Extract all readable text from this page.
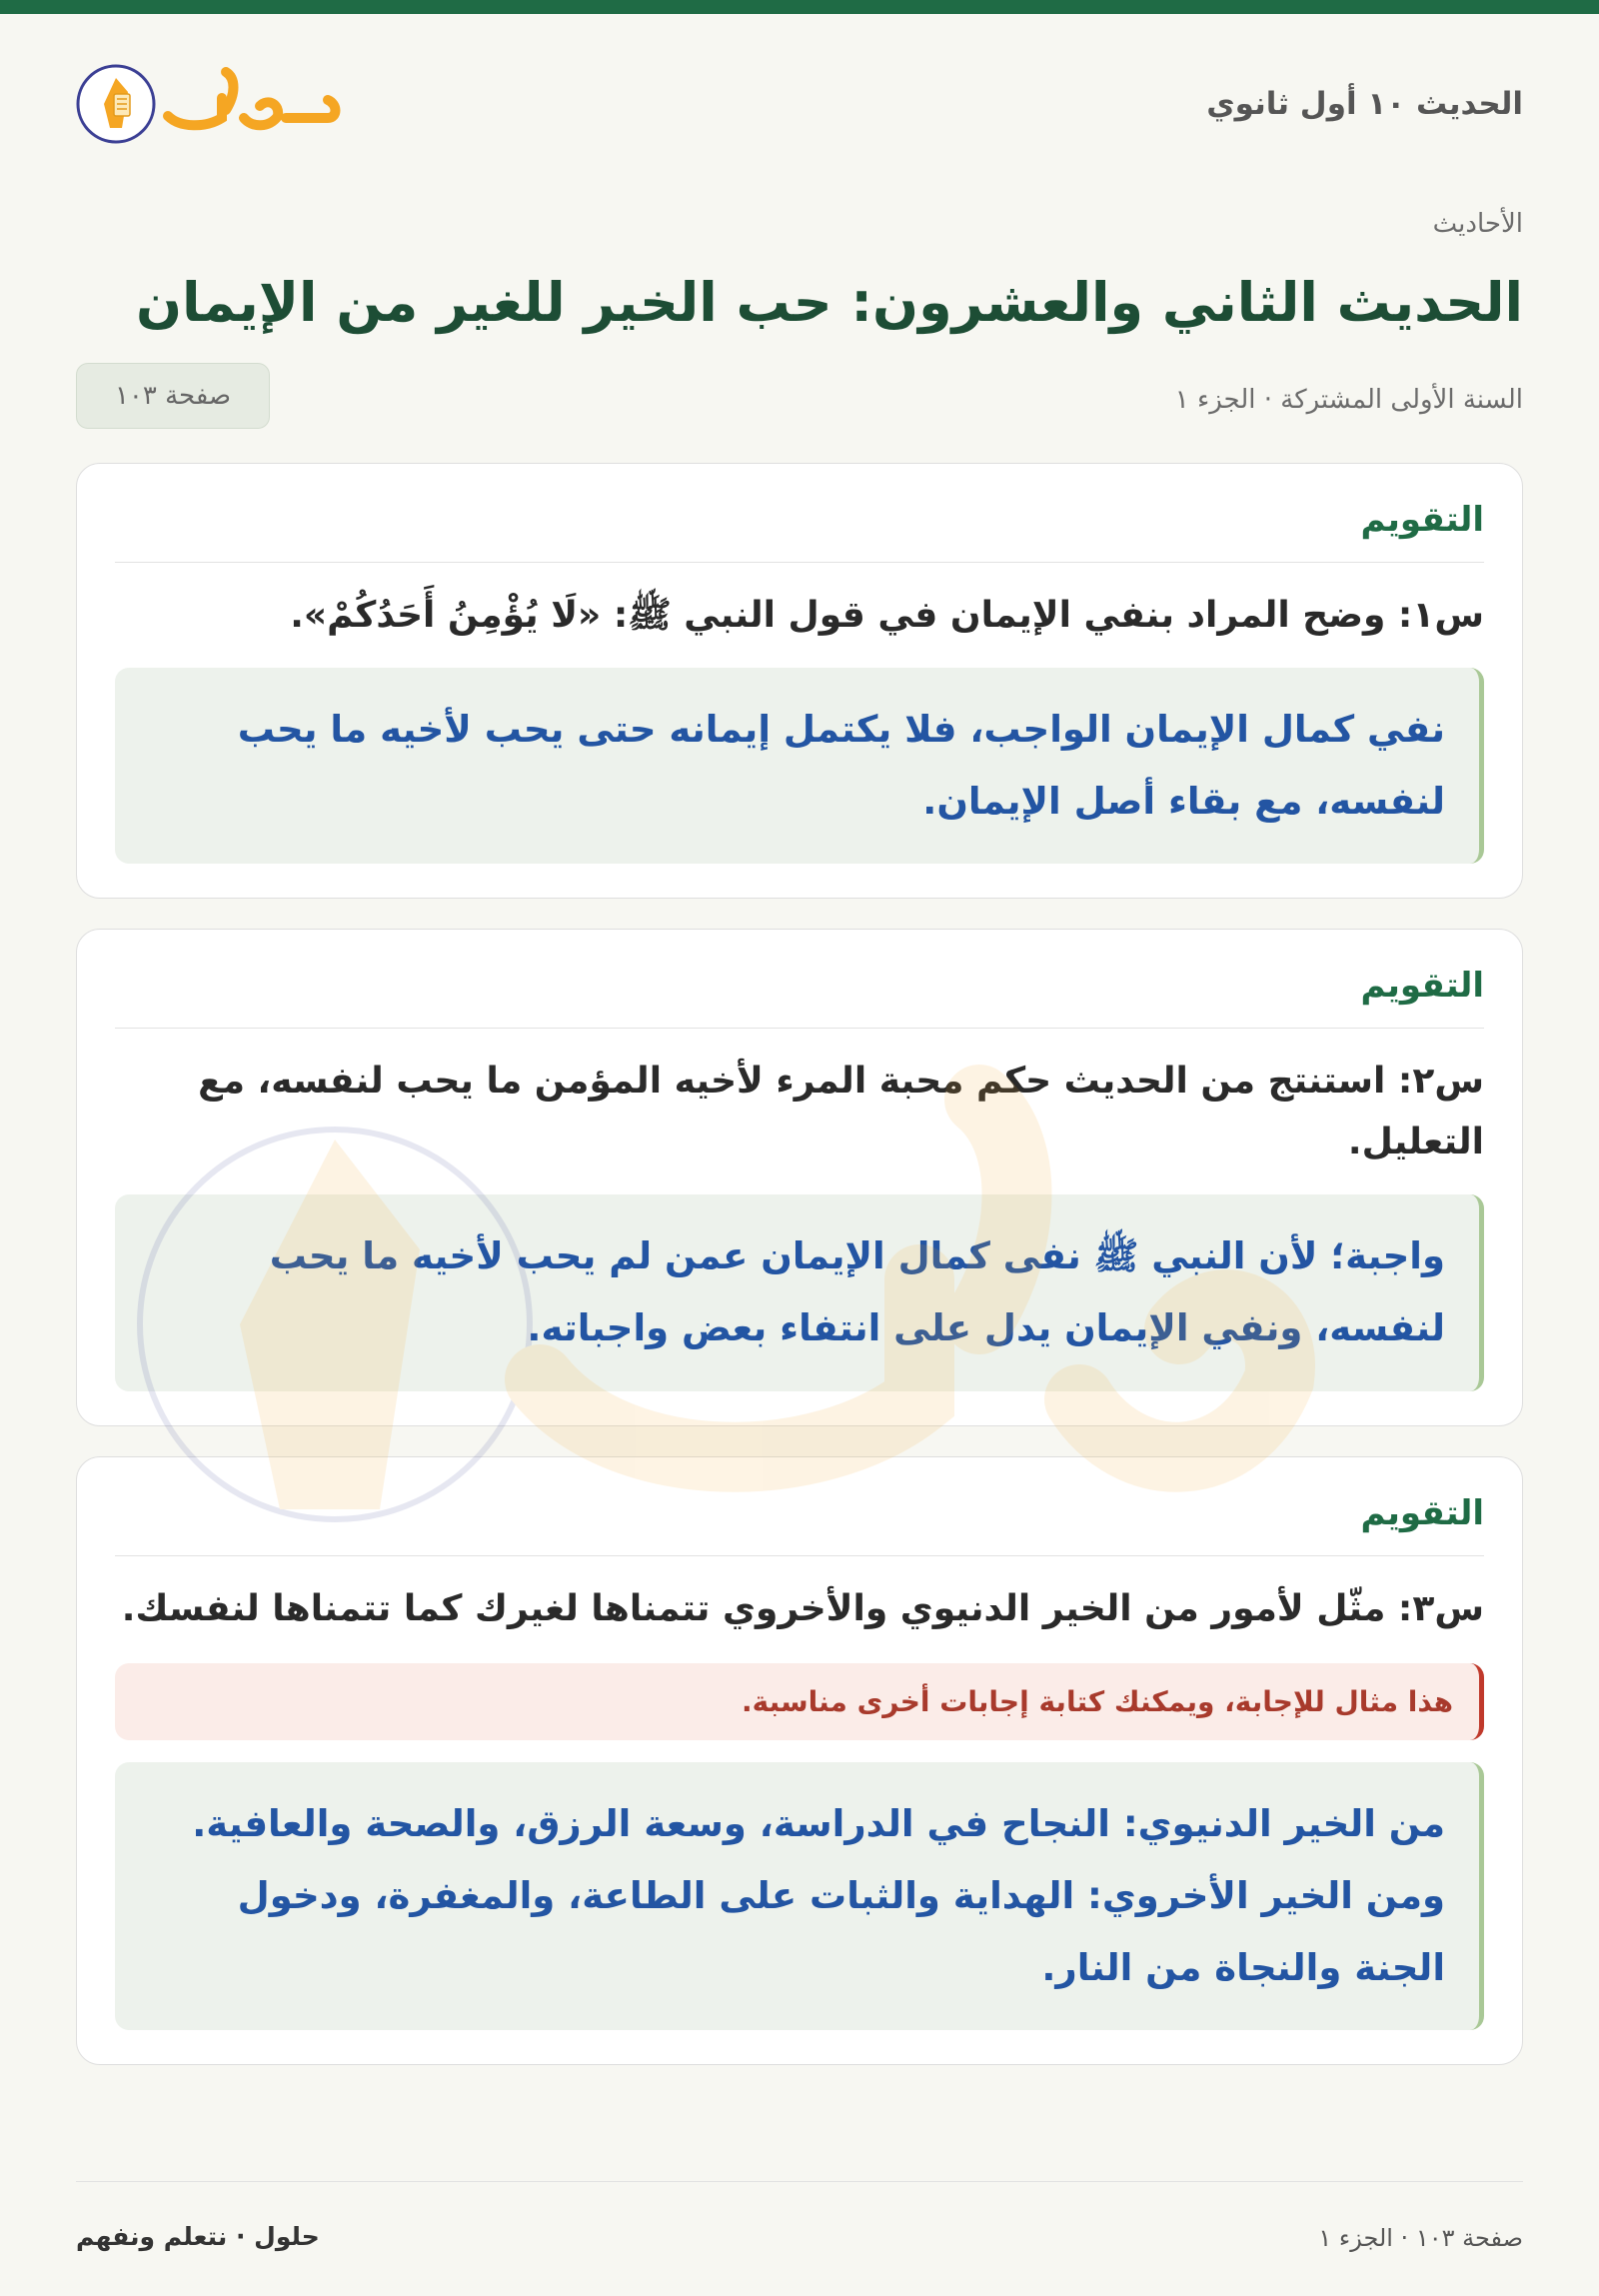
الحديث ١٠ أول ثانوي
حلول
الأحاديث
الحديث الثاني والعشرون: حب الخير للغير من الإيمان
السنة الأولى المشتركة · الجزء ١
صفحة ١٠٣
التقويم
س١: وضح المراد بنفي الإيمان في قول النبي ﷺ: «لَا يُؤْمِنُ أَحَدُكُمْ».
نفي كمال الإيمان الواجب، فلا يكتمل إيمانه حتى يحب لأخيه ما يحب لنفسه، مع بقاء أصل الإيمان.
التقويم
س٢: استنتج من الحديث حكم محبة المرء لأخيه المؤمن ما يحب لنفسه، مع التعليل.
واجبة؛ لأن النبي ﷺ نفى كمال الإيمان عمن لم يحب لأخيه ما يحب لنفسه، ونفي الإيمان يدل على انتفاء بعض واجباته.
التقويم
س٣: مثّل لأمور من الخير الدنيوي والأخروي تتمناها لغيرك كما تتمناها لنفسك.
هذا مثال للإجابة، ويمكنك كتابة إجابات أخرى مناسبة.
من الخير الدنيوي: النجاح في الدراسة، وسعة الرزق، والصحة والعافية. ومن الخير الأخروي: الهداية والثبات على الطاعة، والمغفرة، ودخول الجنة والنجاة من النار.
صفحة ١٠٣ · الجزء ١
حلول · نتعلم ونفهم
